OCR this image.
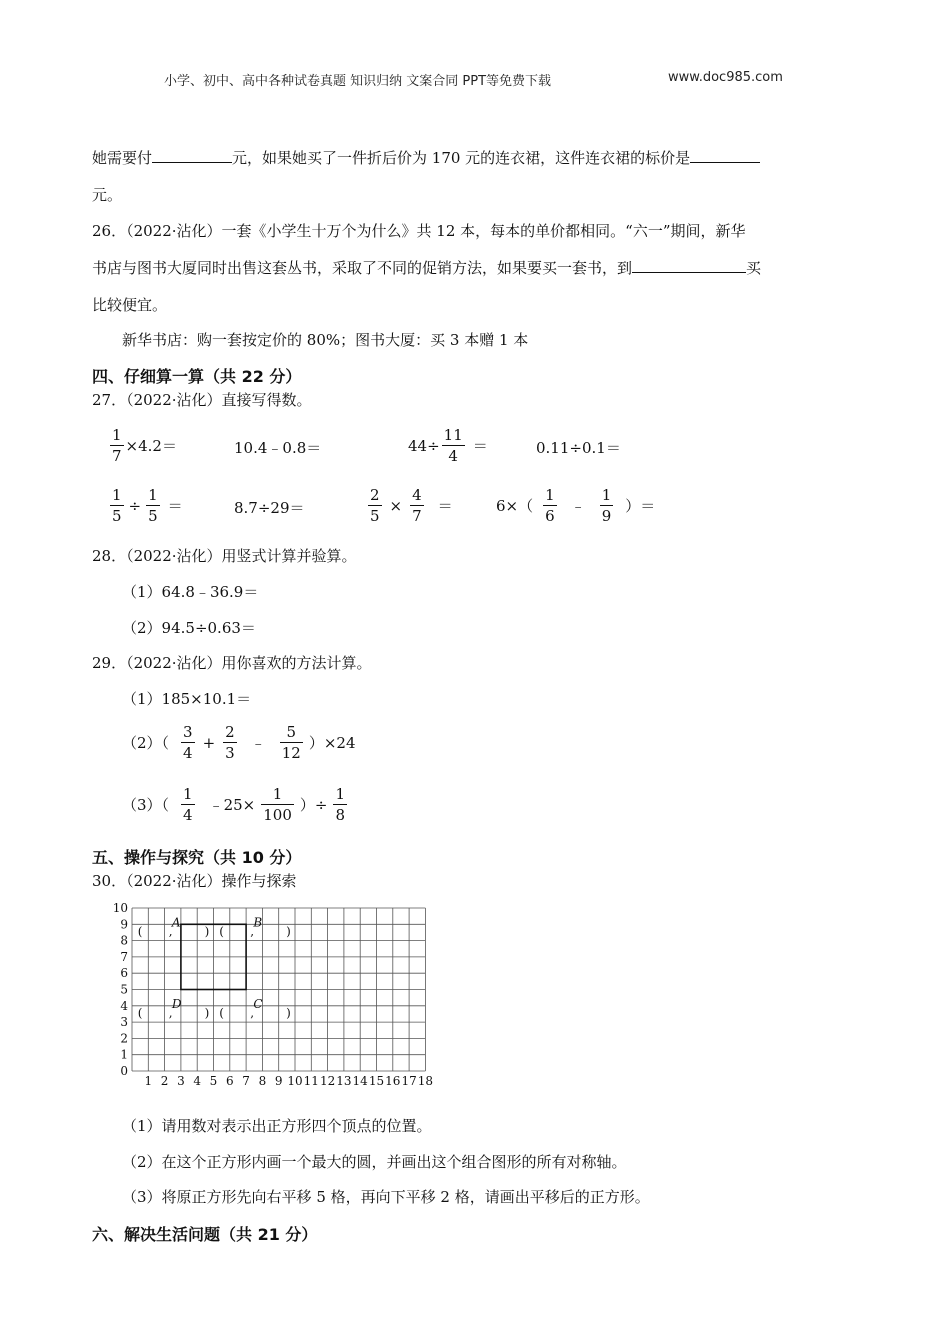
小学、初中、高中各种试卷真题 知识归纳 文案合同 PPT等免费下载	www.doc985.com
她需要付	元，如果她买了一件折后价为 170 元的连衣裙，这件连衣裙的标价是
元。
26．（2022·沾化）一套《小学生十万个为什么》共 12 本，每本的单价都相同。“六一”期间，新华
书店与图书大厦同时出售这套丛书，采取了不同的促销方法，如果要买一套书，到	买
比较便宜。
新华书店：购一套按定价的 80%；图书大厦：买 3 本赠 1 本
四、仔细算一算（共 22 分）
27．（2022·沾化）直接写得数。
$\frac{1}{7} \times 4.2=$	10.4﹣0.8＝	$44\div \frac{11}{4}$ ＝	0.11÷0.1＝
$\frac{1}{5} \div \frac{1}{5}$ ＝	8.7÷29＝	$\frac{2}{5} \times \frac{4}{7}$ ＝	$6\times( \frac{1}{6}$ ﹣ $\frac{1}{9}$ ）＝
28．（2022·沾化）用竖式计算并验算。
（1）64.8﹣36.9＝
（2）94.5÷0.63＝
29．（2022·沾化）用你喜欢的方法计算。
（1）185×10.1＝
$(2)( \frac{3}{4} + \frac{2}{3}$ ﹣ $\frac{5}{12} )\times 24$
$(3)( \frac{1}{4}$ ﹣25× $\frac{1}{100}$ ）÷ $\frac{1}{8}$
五、操作与探究（共 10 分）
30．（2022·沾化）操作与探索
1 2 3 4 5 6 7 8 9 10 11 12 13 14 15 16 17 18
0
1
2
3
4
5
6
7
8
9
10
A
( ,	)
B
( ,	)
C
( ,	)
D
( ,	)
（1）请用数对表示出正方形四个顶点的位置。
（2）在这个正方形内画一个最大的圆，并画出这个组合图形的所有对称轴。
（3）将原正方形先向右平移 5 格，再向下平移 2 格，请画出平移后的正方形。
六、解决生活问题（共 21 分）
